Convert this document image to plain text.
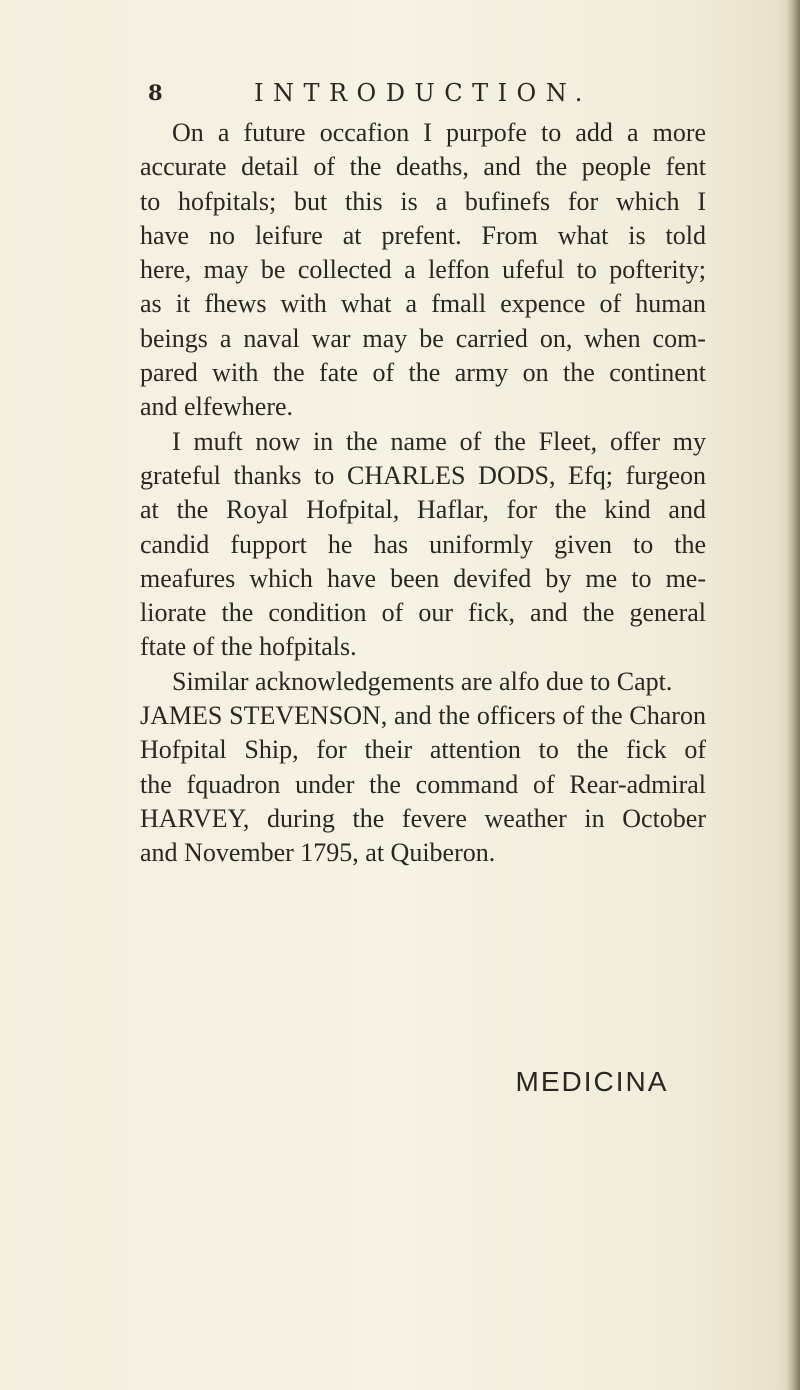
8	INTRODUCTION.
On a future occafion I purpofe to add a more
accurate detail of the deaths, and the people fent
to hofpitals; but this is a bufinefs for which I
have no leifure at prefent. From what is told
here, may be collected a leffon ufeful to pofterity;
as it fhews with what a fmall expence of human
beings a naval war may be carried on, when com-
pared with the fate of the army on the continent
and elfewhere.
I muft now in the name of the Fleet, offer my
grateful thanks to CHARLES DODS, Efq; furgeon
at the Royal Hofpital, Haflar, for the kind and
candid fupport he has uniformly given to the
meafures which have been devifed by me to me-
liorate the condition of our fick, and the general
ftate of the hofpitals.
Similar acknowledgements are alfo due to Capt.
JAMES STEVENSON, and the officers of the Charon
Hofpital Ship, for their attention to the fick of
the fquadron under the command of Rear-admiral
HARVEY, during the fevere weather in October
and November 1795, at Quiberon.
MEDICINA
